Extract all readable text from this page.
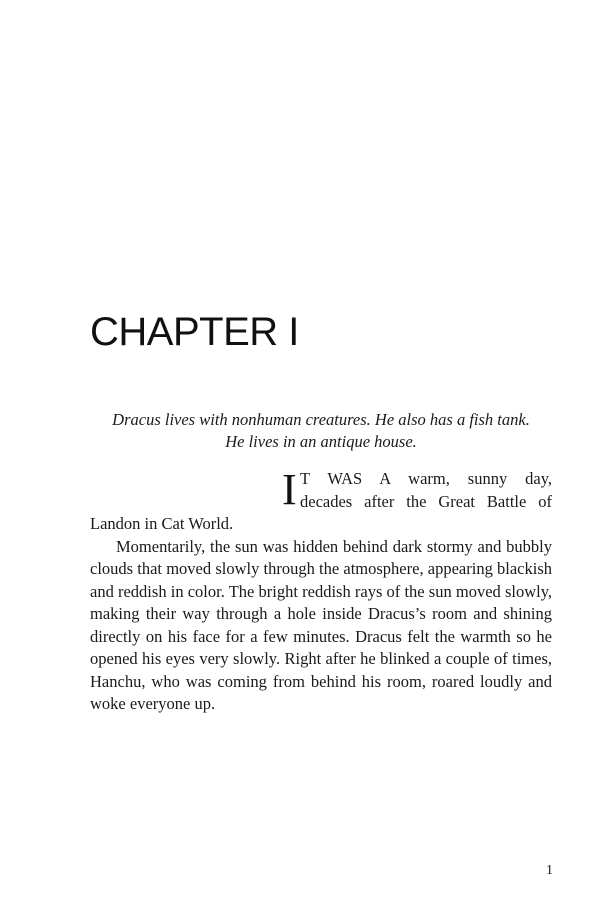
CHAPTER I

Dracus lives with nonhuman creatures. He also has a fish tank.
He lives in an antique house.

I T WAS A warm, sunny day,
decades after the Great Battle of
Landon in Cat World.

Momentarily, the sun was hidden behind dark stormy and bubbly clouds that moved slowly through the atmosphere, appearing blackish and reddish in color. The bright reddish rays of the sun moved slowly, making their way through a hole inside Dracus’s room and shining directly on his face for a few minutes. Dracus felt the warmth so he opened his eyes very slowly. Right after he blinked a couple of times, Hanchu, who was coming from behind his room, roared loudly and woke everyone up.

1
